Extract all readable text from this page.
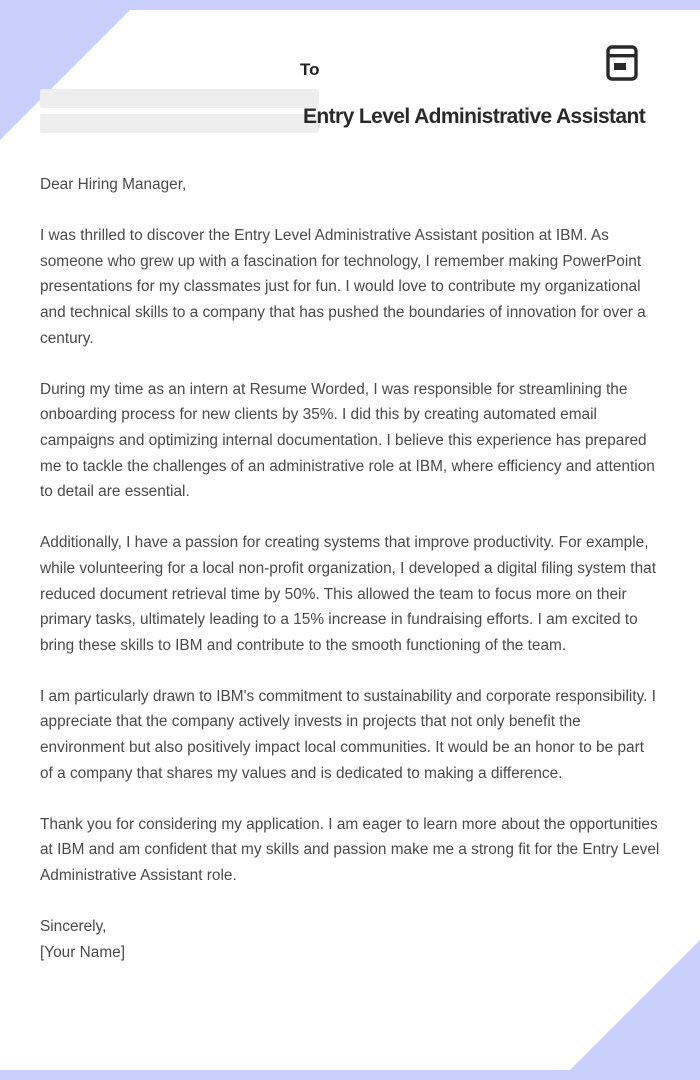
To
Entry Level Administrative Assistant

Dear Hiring Manager,

I was thrilled to discover the Entry Level Administrative Assistant position at IBM. As someone who grew up with a fascination for technology, I remember making PowerPoint presentations for my classmates just for fun. I would love to contribute my organizational and technical skills to a company that has pushed the boundaries of innovation for over a century.

During my time as an intern at Resume Worded, I was responsible for streamlining the onboarding process for new clients by 35%. I did this by creating automated email campaigns and optimizing internal documentation. I believe this experience has prepared me to tackle the challenges of an administrative role at IBM, where efficiency and attention to detail are essential.

Additionally, I have a passion for creating systems that improve productivity. For example, while volunteering for a local non-profit organization, I developed a digital filing system that reduced document retrieval time by 50%. This allowed the team to focus more on their primary tasks, ultimately leading to a 15% increase in fundraising efforts. I am excited to bring these skills to IBM and contribute to the smooth functioning of the team.

I am particularly drawn to IBM's commitment to sustainability and corporate responsibility. I appreciate that the company actively invests in projects that not only benefit the environment but also positively impact local communities. It would be an honor to be part of a company that shares my values and is dedicated to making a difference.

Thank you for considering my application. I am eager to learn more about the opportunities at IBM and am confident that my skills and passion make me a strong fit for the Entry Level Administrative Assistant role.

Sincerely,

[Your Name]
